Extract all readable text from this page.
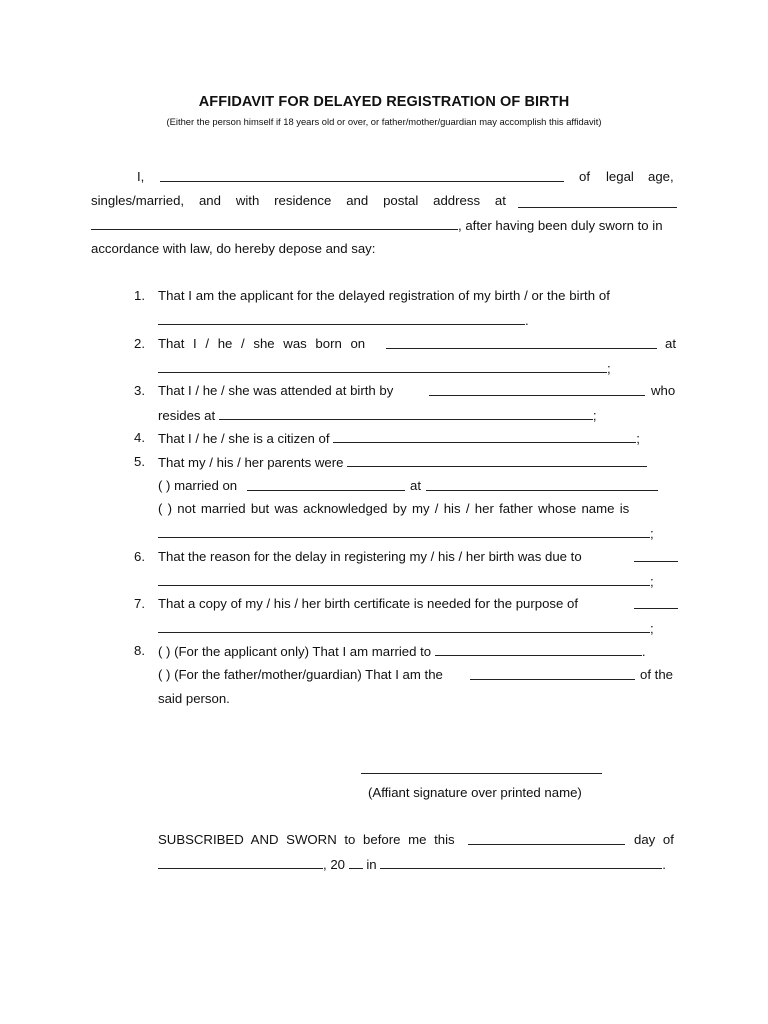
AFFIDAVIT FOR DELAYED REGISTRATION OF BIRTH
(Either the person himself if 18 years old or over, or father/mother/guardian may accomplish this affidavit)
I,	of legal age,
singles/married, and with residence and postal address at
, after having been duly sworn to in
accordance with law, do hereby depose and say:
1. That I am the applicant for the delayed registration of my birth / or the birth of
.
2. That I / he / she was born on	at
;
3. That I / he / she was attended at birth by	who
resides at	;
4. That I / he / she is a citizen of	;
5. That my / his / her parents were
( ) married on	at
( ) not married but was acknowledged by my / his / her father whose name is
;
6. That the reason for the delay in registering my / his / her birth was due to
;
7. That a copy of my / his / her birth certificate is needed for the purpose of
;
8. ( ) (For the applicant only) That I am married to	.
( ) (For the father/mother/guardian) That I am the	of the
said person.
(Affiant signature over printed name)
SUBSCRIBED AND SWORN to before me this	day of
, 20 in	.
